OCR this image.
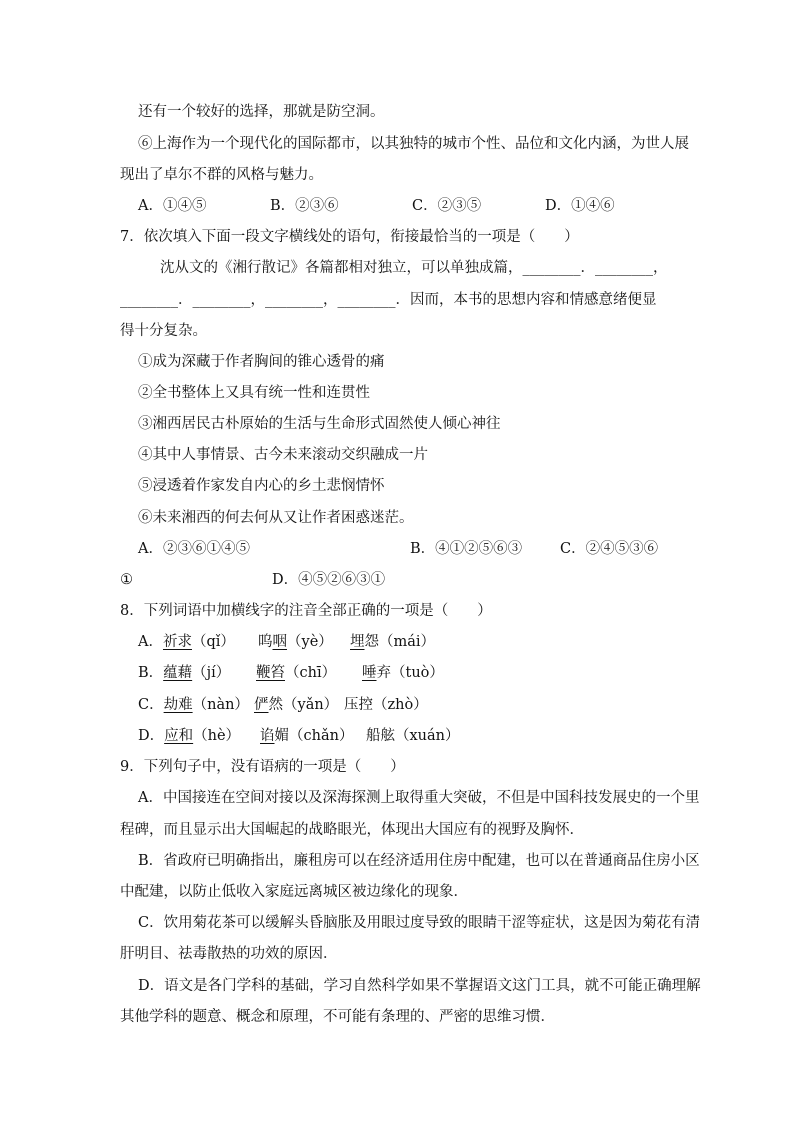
还有一个较好的选择，那就是防空洞。
⑥上海作为一个现代化的国际都市，以其独特的城市个性、品位和文化内涵，为世人展
现出了卓尔不群的风格与魅力。
A．①④⑤	B．②③⑥	C．②③⑤	D．①④⑥
7．依次填入下面一段文字横线处的语句，衔接最恰当的一项是（　　）
沈从文的《湘行散记》各篇都相对独立，可以单独成篇，________．________，
________．________，________，________．因而，本书的思想内容和情感意绪便显
得十分复杂。
①成为深藏于作者胸间的锥心透骨的痛
②全书整体上又具有统一性和连贯性
③湘西居民古朴原始的生活与生命形式固然使人倾心神往
④其中人事情景、古今未来滚动交织融成一片
⑤浸透着作家发自内心的乡土悲悯情怀
⑥未来湘西的何去何从又让作者困惑迷茫。
A．②③⑥①④⑤	B．④①②⑤⑥③	C．②④⑤③⑥
①	D．④⑤②⑥③①
8．下列词语中加横线字的注音全部正确的一项是（　　）
A．祈求（qǐ） 呜咽（yè） 埋怨（mái）
B．蕴藉（jí） 鞭笞（chī） 唾弃（tuò）
C．劫难（nàn） 俨然（yǎn） 压控（zhò）
D．应和（hè） 谄媚（chǎn） 船舷（xuán）
9．下列句子中，没有语病的一项是（　　）
A．中国接连在空间对接以及深海探测上取得重大突破，不但是中国科技发展史的一个里
程碑，而且显示出大国崛起的战略眼光，体现出大国应有的视野及胸怀．
B．省政府已明确指出，廉租房可以在经济适用住房中配建，也可以在普通商品住房小区
中配建，以防止低收入家庭远离城区被边缘化的现象．
C．饮用菊花茶可以缓解头昏脑胀及用眼过度导致的眼睛干涩等症状，这是因为菊花有清
肝明目、祛毒散热的功效的原因．
D．语文是各门学科的基础，学习自然科学如果不掌握语文这门工具，就不可能正确理解
其他学科的题意、概念和原理，不可能有条理的、严密的思维习惯．
